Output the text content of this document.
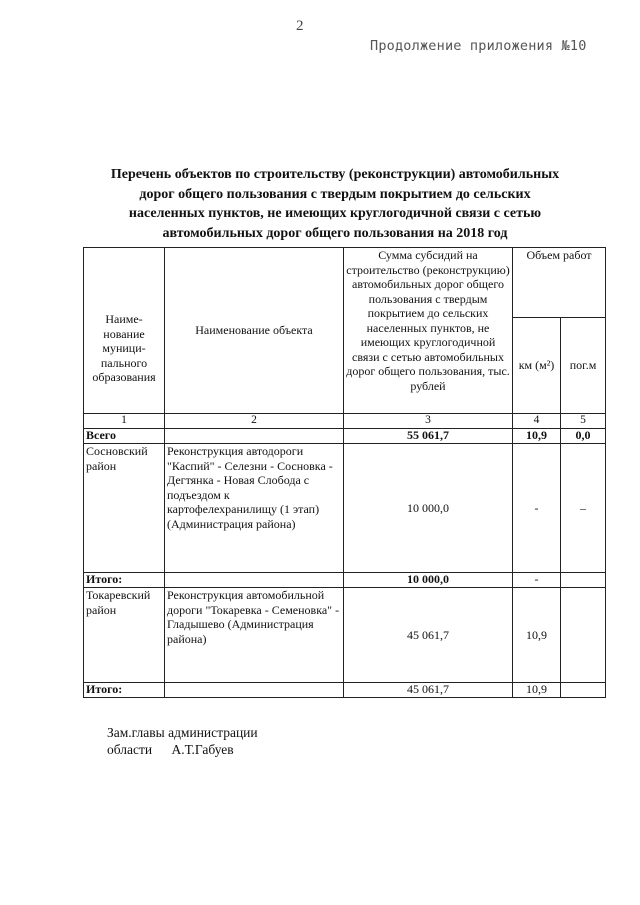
2
Продолжение приложения №10
Перечень объектов по строительству (реконструкции) автомобильных
дорог общего пользования с твердым покрытием до сельских
населенных пунктов, не имеющих круглогодичной связи с сетью
автомобильных дорог общего пользования на 2018 год
Наиме-нование муници-пального образования	Наименование объекта	Сумма субсидий на строительство (реконструкцию) автомобильных дорог общего пользования с твердым покрытием до сельских населенных пунктов, не имеющих круглогодичной связи с сетью автомобильных дорог общего пользования, тыс. рублей	Объем работ	
			км (м²)	пог.м
1	2	3	4	5
Всего		55 061,7	10,9	0,0
Сосновский район	Реконструкция автодороги "Каспий" - Селезни - Сосновка - Дегтянка - Новая Слобода с подъездом к картофелехранилищу (1 этап) (Администрация района)	10 000,0	-	–
Итого:		10 000,0	-	
Токаревский район	Реконструкция автомобильной дороги "Токаревка - Семеновка" - Гладышево (Администрация района)	45 061,7	10,9	
Итого:		45 061,7	10,9	
Зам.главы администрации
области А.Т.Габуев
